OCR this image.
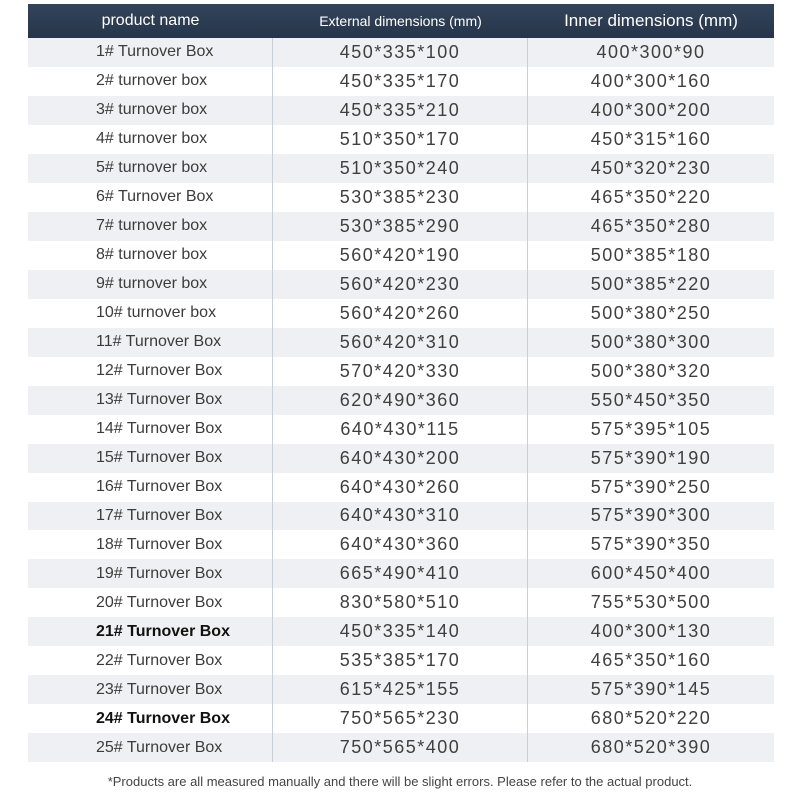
product name	External dimensions (mm)	Inner dimensions (mm)
1# Turnover Box	450*335*100	400*300*90
2# turnover box	450*335*170	400*300*160
3# turnover box	450*335*210	400*300*200
4# turnover box	510*350*170	450*315*160
5# turnover box	510*350*240	450*320*230
6# Turnover Box	530*385*230	465*350*220
7# turnover box	530*385*290	465*350*280
8# turnover box	560*420*190	500*385*180
9# turnover box	560*420*230	500*385*220
10# turnover box	560*420*260	500*380*250
11# Turnover Box	560*420*310	500*380*300
12# Turnover Box	570*420*330	500*380*320
13# Turnover Box	620*490*360	550*450*350
14# Turnover Box	640*430*115	575*395*105
15# Turnover Box	640*430*200	575*390*190
16# Turnover Box	640*430*260	575*390*250
17# Turnover Box	640*430*310	575*390*300
18# Turnover Box	640*430*360	575*390*350
19# Turnover Box	665*490*410	600*450*400
20# Turnover Box	830*580*510	755*530*500
21# Turnover Box	450*335*140	400*300*130
22# Turnover Box	535*385*170	465*350*160
23# Turnover Box	615*425*155	575*390*145
24# Turnover Box	750*565*230	680*520*220
25# Turnover Box	750*565*400	680*520*390
*Products are all measured manually and there will be slight errors. Please refer to the actual product.
